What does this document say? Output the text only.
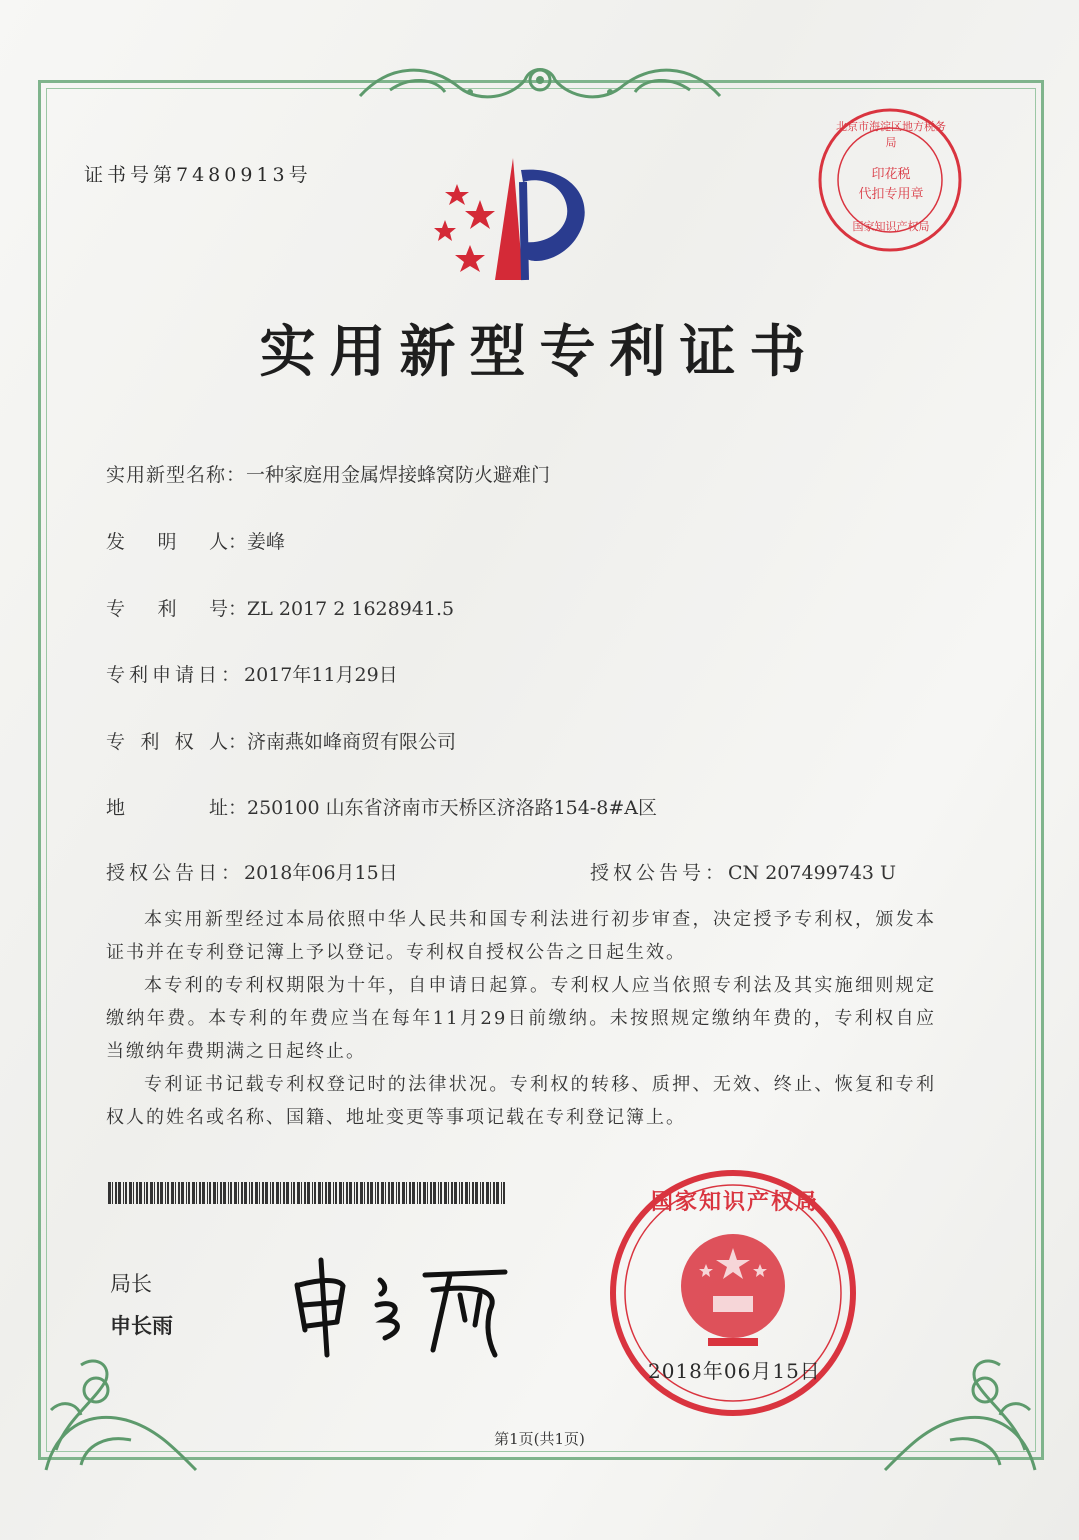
证书号第7480913号
北京市海淀区地方税务局
印花税
代扣专用章
国家知识产权局
实用新型专利证书
实用新型名称：一种家庭用金属焊接蜂窝防火避难门
发明人：姜峰
专利号：ZL 2017 2 1628941.5
专利申请日：2017年11月29日
专利权人：济南燕如峰商贸有限公司
地址：250100 山东省济南市天桥区济洛路154-8#A区
授权公告日：2018年06月15日	授权公告号：CN 207499743 U
本实用新型经过本局依照中华人民共和国专利法进行初步审查，决定授予专利权，颁发本证书并在专利登记簿上予以登记。专利权自授权公告之日起生效。
本专利的专利权期限为十年，自申请日起算。专利权人应当依照专利法及其实施细则规定缴纳年费。本专利的年费应当在每年11月29日前缴纳。未按照规定缴纳年费的，专利权自应当缴纳年费期满之日起终止。
专利证书记载专利权登记时的法律状况。专利权的转移、质押、无效、终止、恢复和专利权人的姓名或名称、国籍、地址变更等事项记载在专利登记簿上。
局长
申长雨
国家知识产权局
2018年06月15日
第1页(共1页)
